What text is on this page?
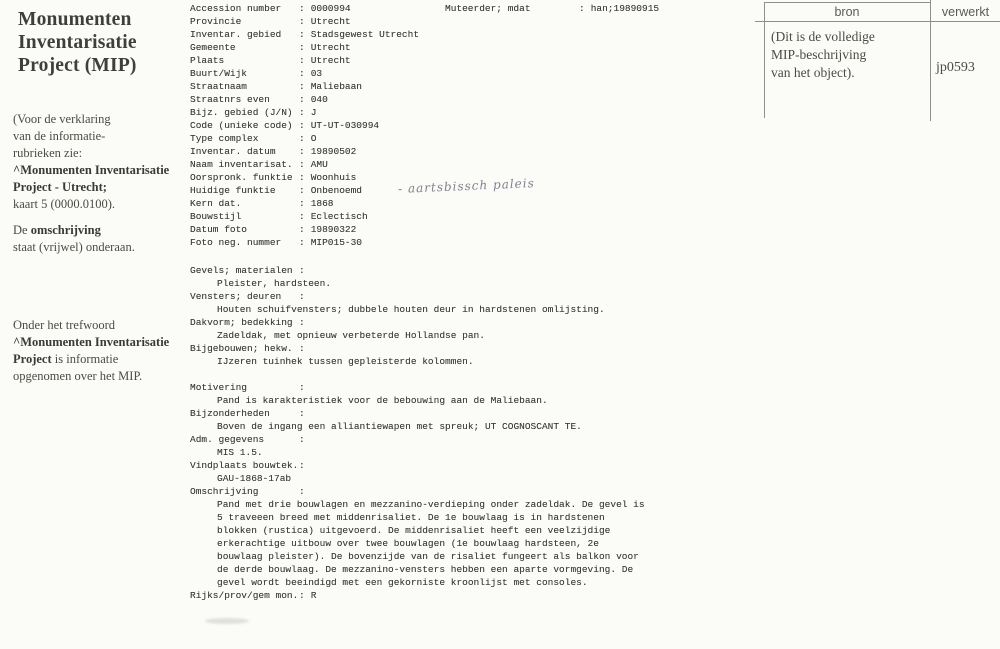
Monumenten
Inventarisatie
Project (MIP)

(Voor de verklaring
van de informatie-
rubrieken zie:
^Monumenten Inventarisatie
Project - Utrecht;
kaart 5 (0000.0100).

De omschrijving
staat (vrijwel) onderaan.

Onder het trefwoord
^Monumenten Inventarisatie
Project is informatie
opgenomen over het MIP.

Accession number : 0000994	Muteerder; mdat	: han;19890915
Provincie	: Utrecht
Inventar. gebied : Stadsgewest Utrecht
Gemeente	: Utrecht
Plaats	: Utrecht
Buurt/Wijk	: 03
Straatnaam	: Maliebaan
Straatnrs even	: 040
Bijz. gebied (J/N) : J
Code (unieke code) : UT-UT-030994
Type complex	: O
Inventar. datum : 19890502
Naam inventarisat. : AMU
Oorspronk. funktie : Woonhuis
Huidige funktie : Onbenoemd
Kern dat.	: 1868
Bouwstijl	: Eclectisch
Datum foto	: 19890322
Foto neg. nummer : MIP015-30
Gevels; materialen :
Pleister, hardsteen.
Vensters; deuren :
Houten schuifvensters; dubbele houten deur in hardstenen omlijsting.
Dakvorm; bedekking :
Zadeldak, met opnieuw verbeterde Hollandse pan.
Bijgebouwen; hekw. :
IJzeren tuinhek tussen gepleisterde kolommen.
Motivering	:
Pand is karakteristiek voor de bebouwing aan de Maliebaan.
Bijzonderheden	:
Boven de ingang een alliantiewapen met spreuk; UT COGNOSCANT TE.
Adm. gegevens	:
MIS 1.5.
Vindplaats bouwtek.:
GAU-1868-17ab
Omschrijving	:
Pand met drie bouwlagen en mezzanino-verdieping onder zadeldak. De gevel is
5 traveeen breed met middenrisaliet. De 1e bouwlaag is in hardstenen
blokken (rustica) uitgevoerd. De middenrisaliet heeft een veelzijdige
erkerachtige uitbouw over twee bouwlagen (1e bouwlaag hardsteen, 2e
bouwlaag pleister). De bovenzijde van de risaliet fungeert als balkon voor
de derde bouwlaag. De mezzanino-vensters hebben een aparte vormgeving. De
gevel wordt beeindigd met een gekorniste kroonlijst met consoles.
Rijks/prov/gem mon.: R
- aartsbissch paleis
bron	verwerkt
(Dit is de volledige
MIP-beschrijving
van het object).	jp0593
